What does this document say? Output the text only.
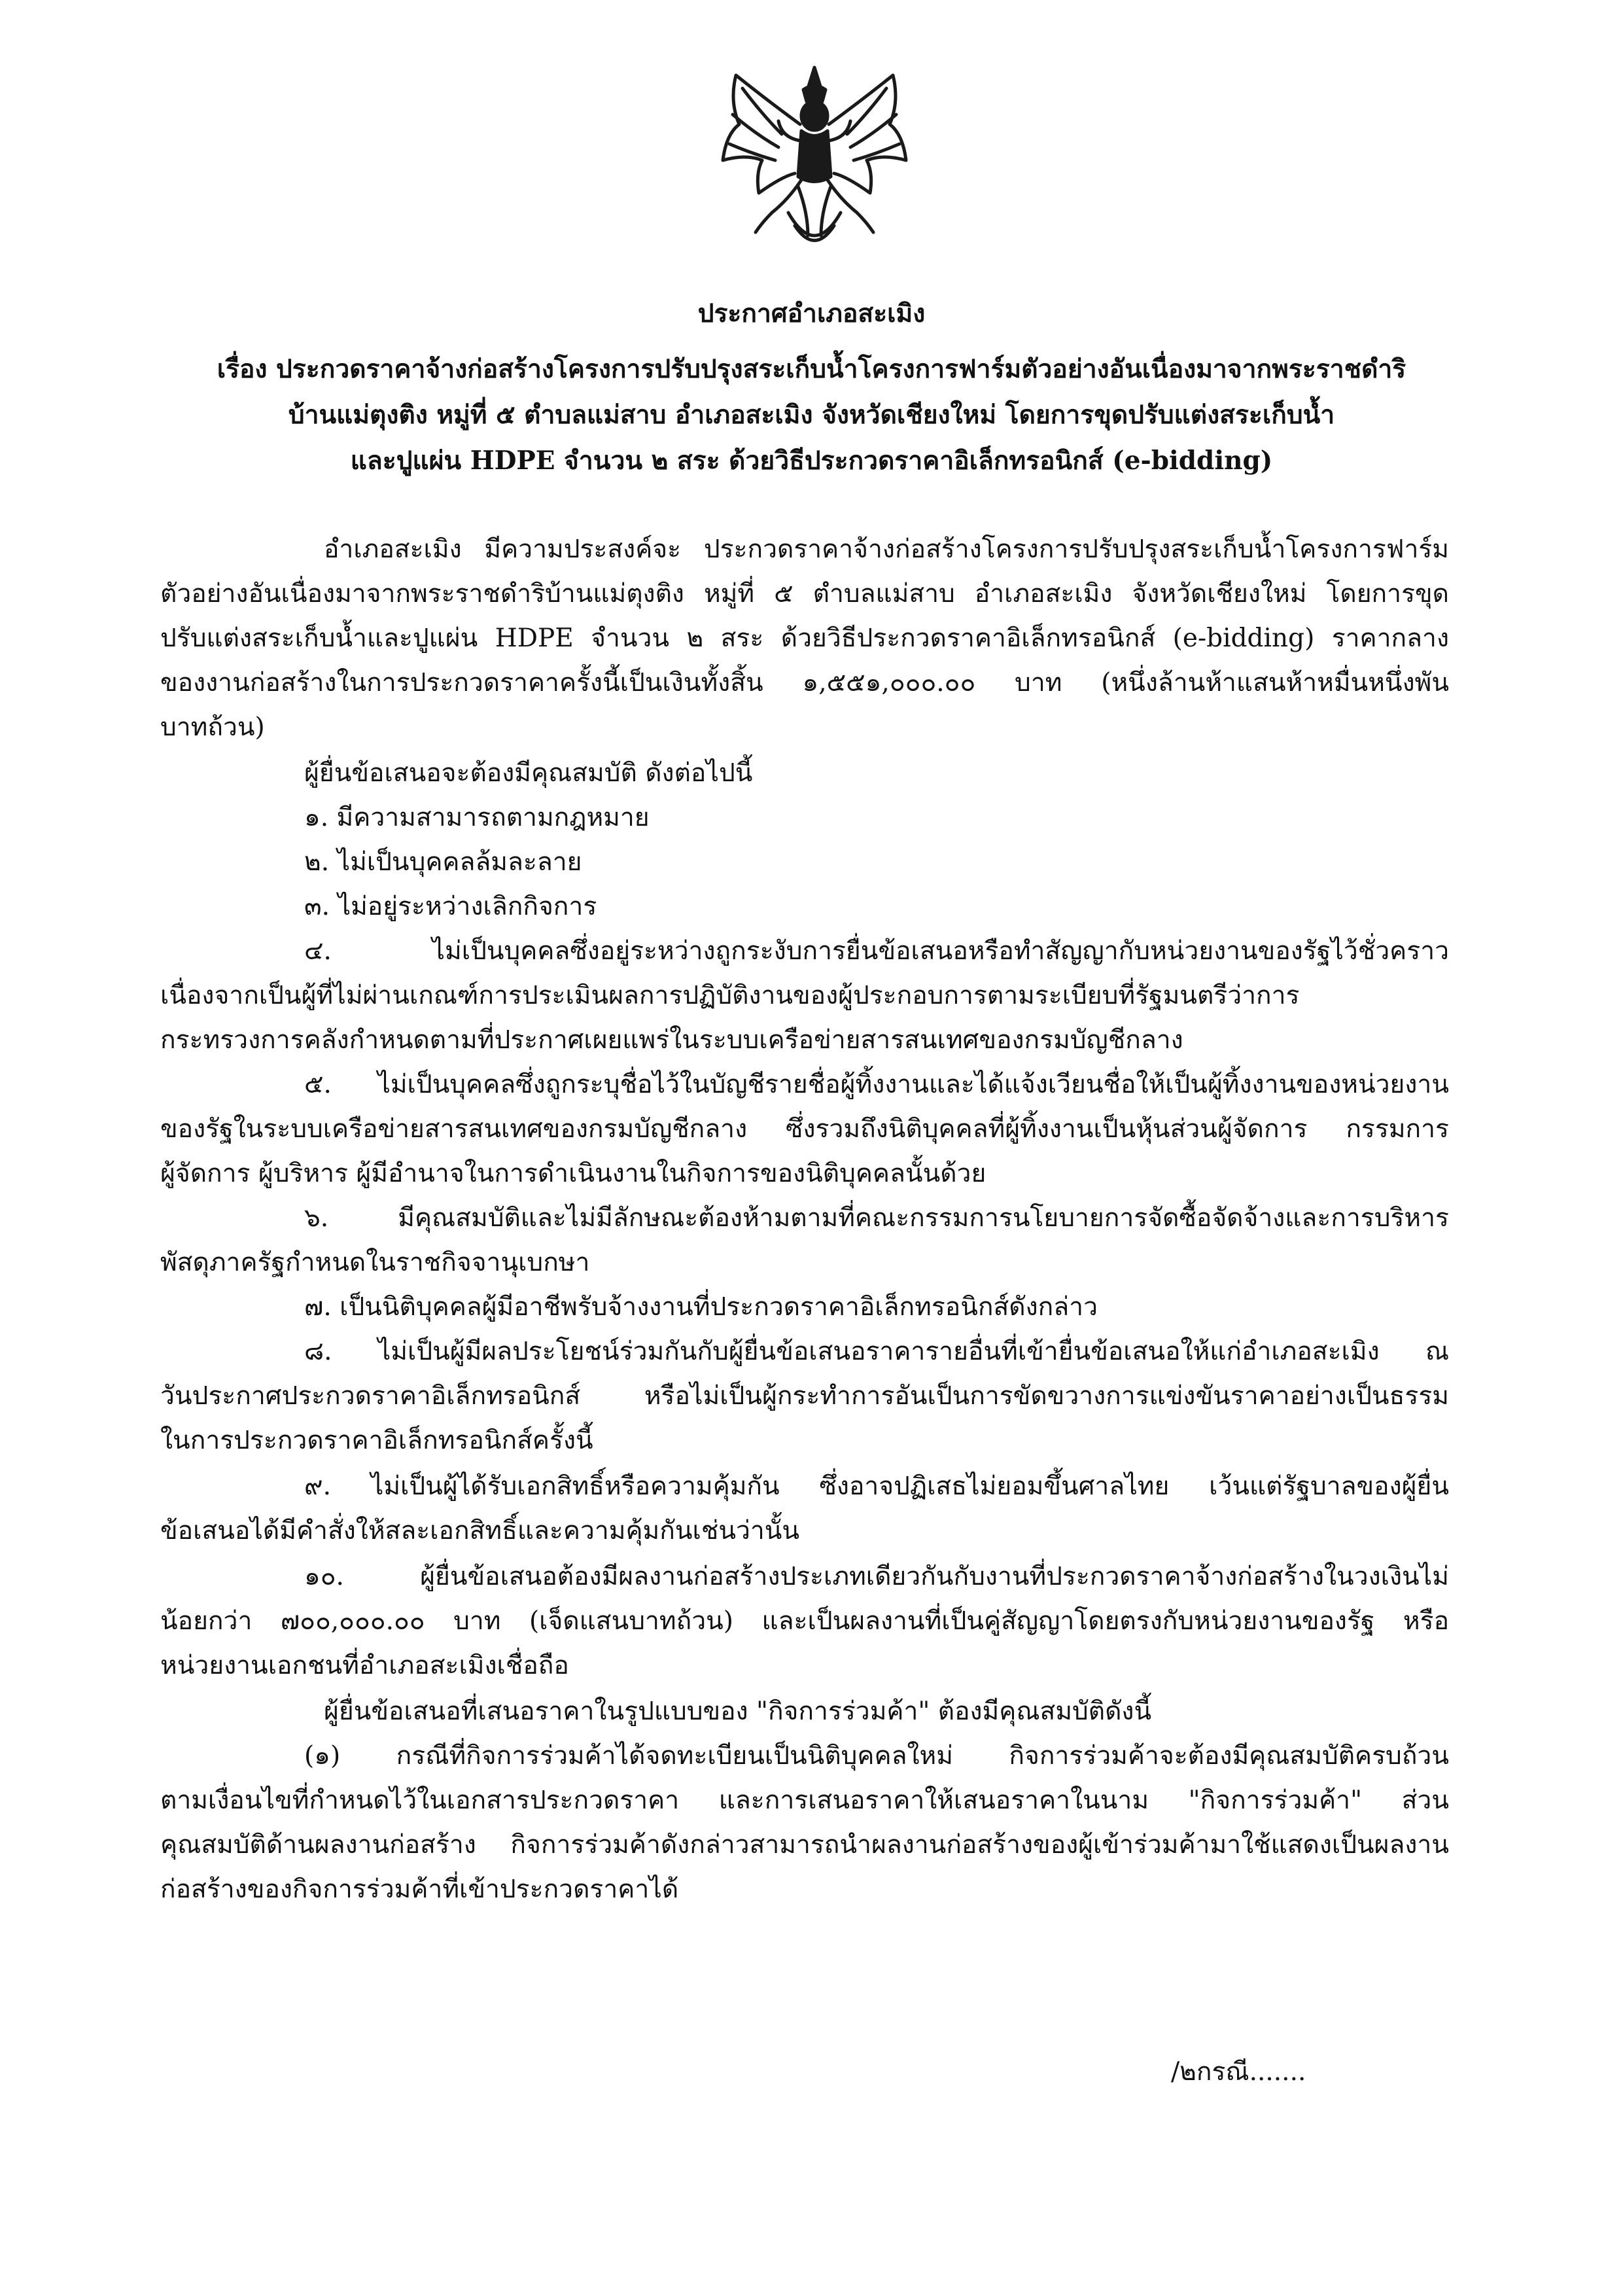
ประกาศอำเภอสะเมิง
เรื่อง ประกวดราคาจ้างก่อสร้างโครงการปรับปรุงสระเก็บน้ำโครงการฟาร์มตัวอย่างอันเนื่องมาจากพระราชดำริ
บ้านแม่ตุงติง หมู่ที่ ๕ ตำบลแม่สาบ อำเภอสะเมิง จังหวัดเชียงใหม่ โดยการขุดปรับแต่งสระเก็บน้ำ
และปูแผ่น HDPE จำนวน ๒ สระ ด้วยวิธีประกวดราคาอิเล็กทรอนิกส์ (e-bidding)
อำเภอสะเมิง มีความประสงค์จะ ประกวดราคาจ้างก่อสร้างโครงการปรับปรุงสระเก็บน้ำโครงการฟาร์ม
ตัวอย่างอันเนื่องมาจากพระราชดำริบ้านแม่ตุงติง หมู่ที่ ๕ ตำบลแม่สาบ อำเภอสะเมิง จังหวัดเชียงใหม่ โดยการขุด
ปรับแต่งสระเก็บน้ำและปูแผ่น HDPE จำนวน ๒ สระ ด้วยวิธีประกวดราคาอิเล็กทรอนิกส์ (e-bidding) ราคากลาง
ของงานก่อสร้างในการประกวดราคาครั้งนี้เป็นเงินทั้งสิ้น ๑,๕๕๑,๐๐๐.๐๐ บาท (หนึ่งล้านห้าแสนห้าหมื่นหนึ่งพัน
บาทถ้วน)
ผู้ยื่นข้อเสนอจะต้องมีคุณสมบัติ ดังต่อไปนี้
๑. มีความสามารถตามกฎหมาย
๒. ไม่เป็นบุคคลล้มละลาย
๓. ไม่อยู่ระหว่างเลิกกิจการ
๔. ไม่เป็นบุคคลซึ่งอยู่ระหว่างถูกระงับการยื่นข้อเสนอหรือทำสัญญากับหน่วยงานของรัฐไว้ชั่วคราว
เนื่องจากเป็นผู้ที่ไม่ผ่านเกณฑ์การประเมินผลการปฏิบัติงานของผู้ประกอบการตามระเบียบที่รัฐมนตรีว่าการ
กระทรวงการคลังกำหนดตามที่ประกาศเผยแพร่ในระบบเครือข่ายสารสนเทศของกรมบัญชีกลาง
๕. ไม่เป็นบุคคลซึ่งถูกระบุชื่อไว้ในบัญชีรายชื่อผู้ทิ้งงานและได้แจ้งเวียนชื่อให้เป็นผู้ทิ้งงานของหน่วยงาน
ของรัฐในระบบเครือข่ายสารสนเทศของกรมบัญชีกลาง ซึ่งรวมถึงนิติบุคคลที่ผู้ทิ้งงานเป็นหุ้นส่วนผู้จัดการ กรรมการ
ผู้จัดการ ผู้บริหาร ผู้มีอำนาจในการดำเนินงานในกิจการของนิติบุคคลนั้นด้วย
๖. มีคุณสมบัติและไม่มีลักษณะต้องห้ามตามที่คณะกรรมการนโยบายการจัดซื้อจัดจ้างและการบริหาร
พัสดุภาครัฐกำหนดในราชกิจจานุเบกษา
๗. เป็นนิติบุคคลผู้มีอาชีพรับจ้างงานที่ประกวดราคาอิเล็กทรอนิกส์ดังกล่าว
๘. ไม่เป็นผู้มีผลประโยชน์ร่วมกันกับผู้ยื่นข้อเสนอราคารายอื่นที่เข้ายื่นข้อเสนอให้แก่อำเภอสะเมิง ณ
วันประกาศประกวดราคาอิเล็กทรอนิกส์ หรือไม่เป็นผู้กระทำการอันเป็นการขัดขวางการแข่งขันราคาอย่างเป็นธรรม
ในการประกวดราคาอิเล็กทรอนิกส์ครั้งนี้
๙. ไม่เป็นผู้ได้รับเอกสิทธิ์หรือความคุ้มกัน ซึ่งอาจปฏิเสธไม่ยอมขึ้นศาลไทย เว้นแต่รัฐบาลของผู้ยื่น
ข้อเสนอได้มีคำสั่งให้สละเอกสิทธิ์และความคุ้มกันเช่นว่านั้น
๑๐. ผู้ยื่นข้อเสนอต้องมีผลงานก่อสร้างประเภทเดียวกันกับงานที่ประกวดราคาจ้างก่อสร้างในวงเงินไม่
น้อยกว่า ๗๐๐,๐๐๐.๐๐ บาท (เจ็ดแสนบาทถ้วน) และเป็นผลงานที่เป็นคู่สัญญาโดยตรงกับหน่วยงานของรัฐ หรือ
หน่วยงานเอกชนที่อำเภอสะเมิงเชื่อถือ
ผู้ยื่นข้อเสนอที่เสนอราคาในรูปแบบของ "กิจการร่วมค้า" ต้องมีคุณสมบัติดังนี้
(๑) กรณีที่กิจการร่วมค้าได้จดทะเบียนเป็นนิติบุคคลใหม่ กิจการร่วมค้าจะต้องมีคุณสมบัติครบถ้วน
ตามเงื่อนไขที่กำหนดไว้ในเอกสารประกวดราคา และการเสนอราคาให้เสนอราคาในนาม "กิจการร่วมค้า" ส่วน
คุณสมบัติด้านผลงานก่อสร้าง กิจการร่วมค้าดังกล่าวสามารถนำผลงานก่อสร้างของผู้เข้าร่วมค้ามาใช้แสดงเป็นผลงาน
ก่อสร้างของกิจการร่วมค้าที่เข้าประกวดราคาได้
/๒กรณี.......
